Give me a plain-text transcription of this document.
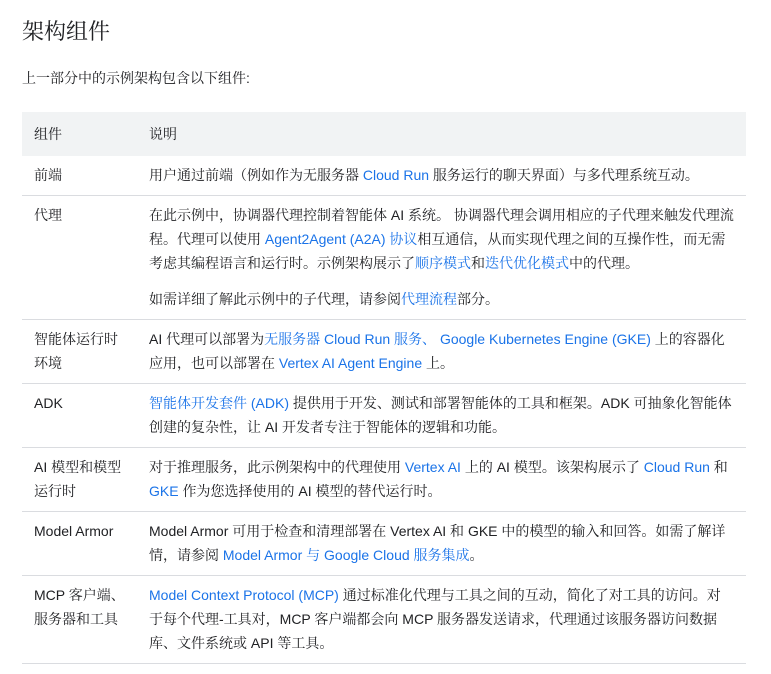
架构组件

上一部分中的示例架构包含以下组件:

组件	说明
前端	用户通过前端（例如作为无服务器 Cloud Run 服务运行的聊天界面）与多代理系统互动。

代理	在此示例中，协调器代理控制着智能体 AI 系统。 协调器代理会调用相应的子代理来触发代理流程。代理可以使用 Agent2Agent (A2A) 协议相互通信，从而实现代理之间的互操作性，而无需考虑其编程语言和运行时。示例架构展示了顺序模式和迭代优化模式中的代理。

如需详细了解此示例中的子代理，请参阅代理流程部分。

智能体运行时环境	AI 代理可以部署为无服务器 Cloud Run 服务、 Google Kubernetes Engine (GKE) 上的容器化应用，也可以部署在 Vertex AI Agent Engine 上。

ADK	智能体开发套件 (ADK) 提供用于开发、测试和部署智能体的工具和框架。ADK 可抽象化智能体创建的复杂性，让 AI 开发者专注于智能体的逻辑和功能。

AI 模型和模型运行时	对于推理服务，此示例架构中的代理使用 Vertex AI 上的 AI 模型。该架构展示了 Cloud Run 和 GKE 作为您选择使用的 AI 模型的替代运行时。

Model Armor	Model Armor 可用于检查和清理部署在 Vertex AI 和 GKE 中的模型的输入和回答。如需了解详情，请参阅 Model Armor 与 Google Cloud 服务集成。

MCP 客户端、服务器和工具	Model Context Protocol (MCP) 通过标准化代理与工具之间的互动，简化了对工具的访问。对于每个代理-工具对，MCP 客户端都会向 MCP 服务器发送请求，代理通过该服务器访问数据库、文件系统或 API 等工具。
